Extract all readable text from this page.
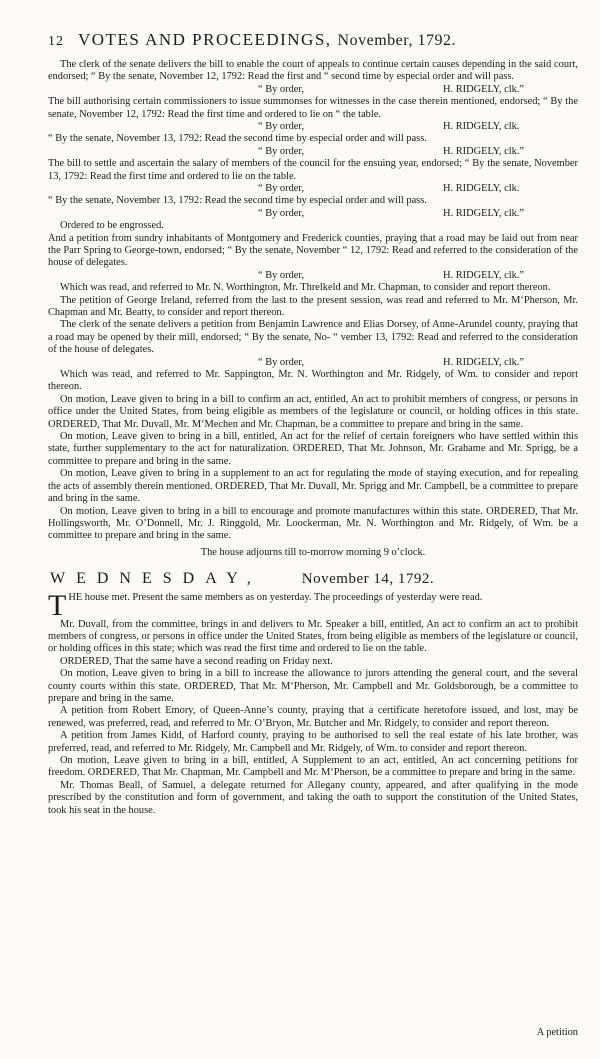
12 VOTES AND PROCEEDINGS, November, 1792.

The clerk of the senate delivers the bill to enable the court of appeals to continue certain causes depending in the said court, endorsed; “ By the senate, November 12, 1792: Read the first and “ second time by especial order and will pass.

“ By order,	H. RIDGELY, clk.”

The bill authorising certain commissioners to issue summonses for witnesses in the case therein mentioned, endorsed; “ By the senate, November 12, 1792: Read the first time and ordered to lie on “ the table.

“ By order,	H. RIDGELY, clk.

“ By the senate, November 13, 1792: Read the second time by especial order and will pass.

“ By order,	H. RIDGELY, clk.”

The bill to settle and ascertain the salary of members of the council for the ensuing year, endorsed; “ By the senate, November 13, 1792: Read the first time and ordered to lie on the table.

“ By order,	H. RIDGELY, clk.

“ By the senate, November 13, 1792: Read the second time by especial order and will pass.

“ By order,	H. RIDGELY, clk.”

Ordered to be engrossed.

And a petition from sundry inhabitants of Montgomery and Frederick counties, praying that a road may be laid out from near the Parr Spring to George-town, endorsed; “ By the senate, November “ 12, 1792: Read and referred to the consideration of the house of delegates.

“ By order,	H. RIDGELY, clk.”

Which was read, and referred to Mr. N. Worthington, Mr. Threlkeld and Mr. Chapman, to consider and report thereon.

The petition of George Ireland, referred from the last to the present session, was read and referred to Mr. M‘Pherson, Mr. Chapman and Mr. Beatty, to consider and report thereon.

The clerk of the senate delivers a petition from Benjamin Lawrence and Elias Dorsey, of Anne-Arundel county, praying that a road may be opened by their mill, endorsed; “ By the senate, No- “ vember 13, 1792: Read and referred to the consideration of the house of delegates.

“ By order,	H. RIDGELY, clk.”

Which was read, and referred to Mr. Sappington, Mr. N. Worthington and Mr. Ridgely, of Wm. to consider and report thereon.

On motion, Leave given to bring in a bill to confirm an act, entitled, An act to prohibit members of congress, or persons in office under the United States, from being eligible as members of the legislature or council, or holding offices in this state. ORDERED, That Mr. Duvall, Mr. M‘Mechen and Mr. Chapman, be a committee to prepare and bring in the same.

On motion, Leave given to bring in a bill, entitled, An act for the relief of certain foreigners who have settled within this state, further supplementary to the act for naturalization. ORDERED, That Mr. Johnson, Mr. Grahame and Mr. Sprigg, be a committee to prepare and bring in the same.

On motion, Leave given to bring in a supplement to an act for regulating the mode of staying execution, and for repealing the acts of assembly therein mentioned. ORDERED, That Mr. Duvall, Mr. Sprigg and Mr. Campbell, be a committee to prepare and bring in the same.

On motion, Leave given to bring in a bill to encourage and promote manufactures within this state. ORDERED, That Mr. Hollingsworth, Mr. O’Donnell, Mr. J. Ringgold, Mr. Loockerman, Mr. N. Worthington and Mr. Ridgely, of Wm. be a committee to prepare and bring in the same.

The house adjourns till to-morrow morning 9 o’clock.
WEDNESDAY,	November 14, 1792.
T HE house met. Present the same members as on yesterday. The proceedings of yesterday were read.

Mr. Duvall, from the committee, brings in and delivers to Mr. Speaker a bill, entitled, An act to confirm an act to prohibit members of congress, or persons in office under the United States, from being eligible as members of the legislature or council, or holding offices in this state; which was read the first time and ordered to lie on the table.

ORDERED, That the same have a second reading on Friday next.

On motion, Leave given to bring in a bill to increase the allowance to jurors attending the general court, and the several county courts within this state. ORDERED, That Mr. M‘Pherson, Mr. Campbell and Mr. Goldsborough, be a committee to prepare and bring in the same.

A petition from Robert Emory, of Queen-Anne’s county, praying that a certificate heretofore issued, and lost, may be renewed, was preferred, read, and referred to Mr. O’Bryon, Mr. Butcher and Mr. Ridgely, to consider and report thereon.

A petition from James Kidd, of Harford county, praying to be authorised to sell the real estate of his late brother, was preferred, read, and referred to Mr. Ridgely, Mr. Campbell and Mr. Ridgely, of Wm. to consider and report thereon.

On motion, Leave given to bring in a bill, entitled, A Supplement to an act, entitled, An act concerning petitions for freedom. ORDERED, That Mr. Chapman, Mr. Campbell and Mr. M‘Pherson, be a committee to prepare and bring in the same.

Mr. Thomas Beall, of Samuel, a delegate returned for Allegany county, appeared, and after qualifying in the mode prescribed by the constitution and form of government, and taking the oath to support the constitution of the United States, took his seat in the house.

A petition
